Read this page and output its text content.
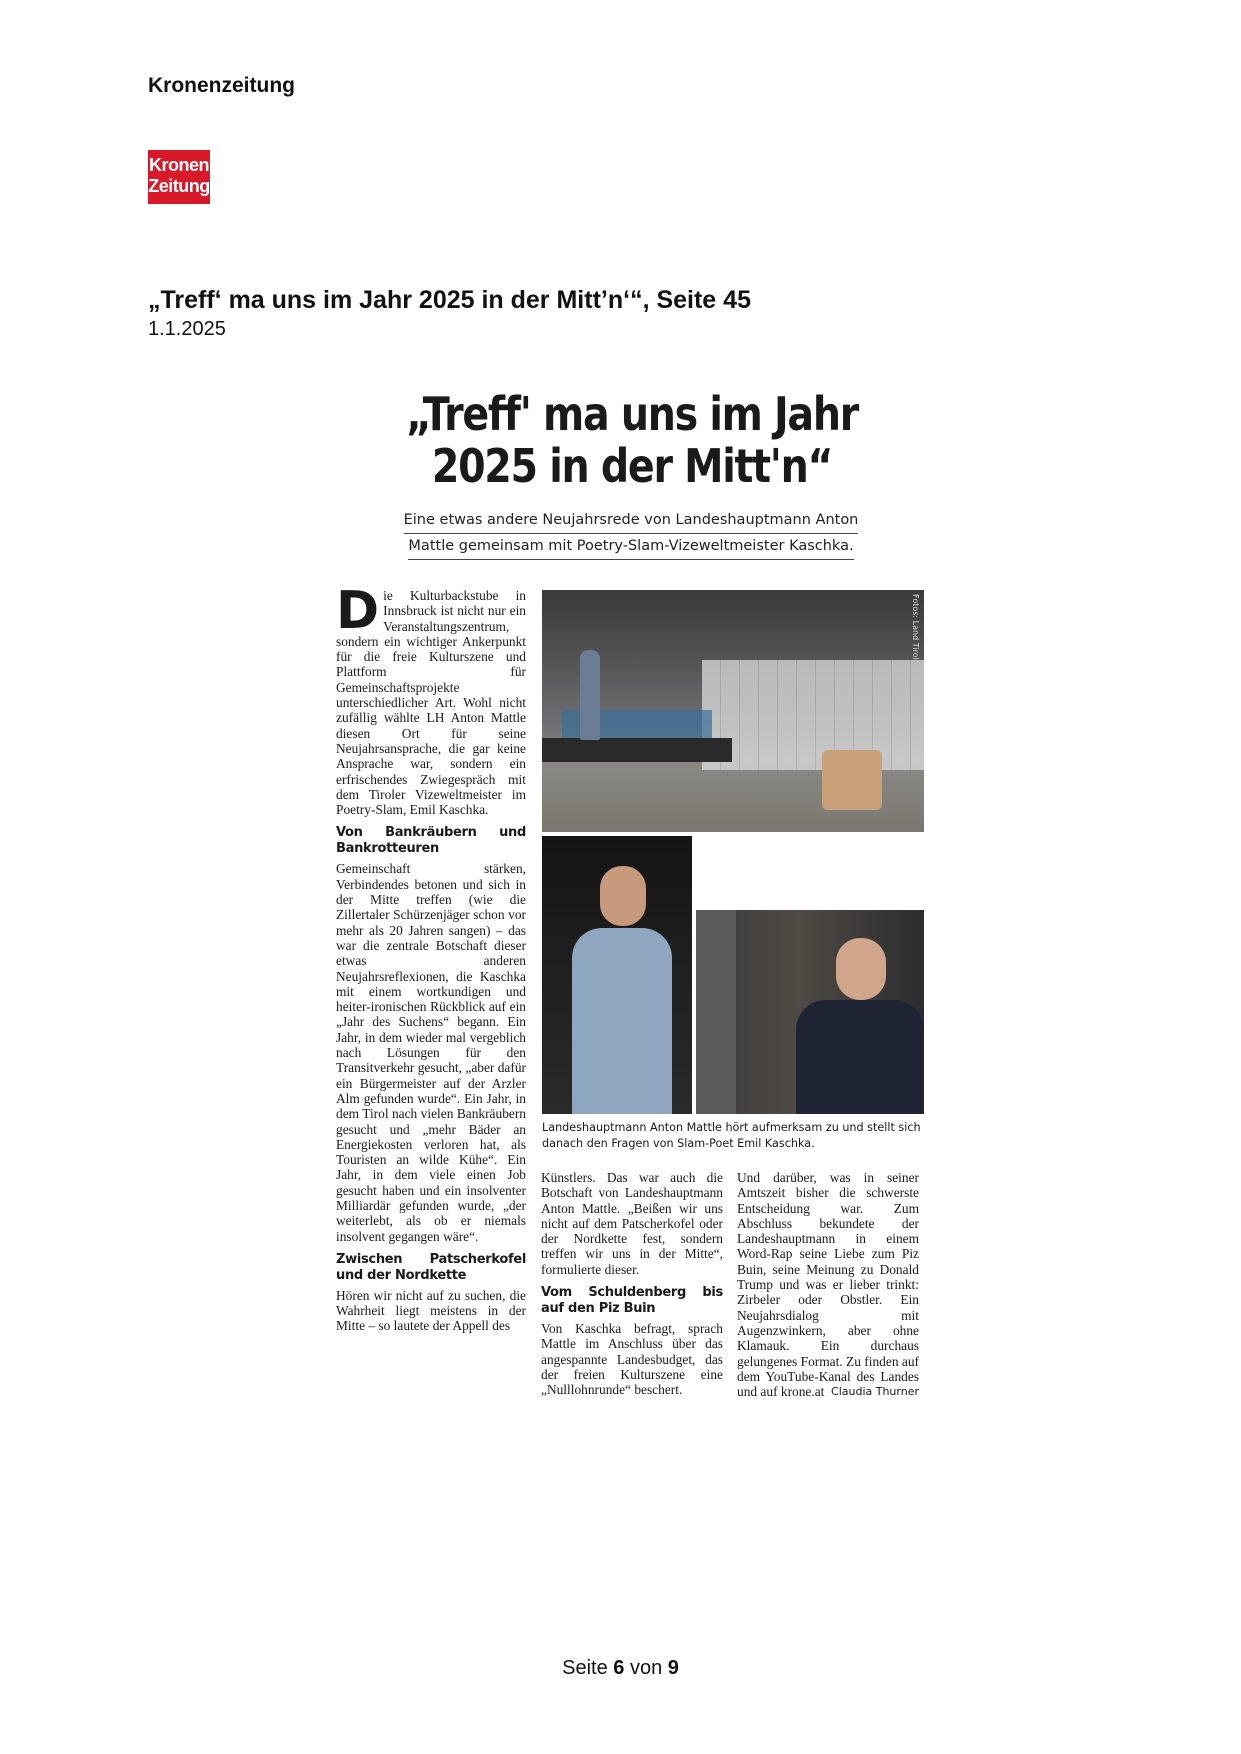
Kronenzeitung
Kronen
Zeitung
„Treff‘ ma uns im Jahr 2025 in der Mitt’n‘“, Seite 45
1.1.2025
„Treff' ma uns im Jahr
2025 in der Mitt'n“
Eine etwas andere Neujahrsrede von Landeshauptmann Anton
Mattle gemeinsam mit Poetry-Slam-Vizeweltmeister Kaschka.
D ie Kulturbackstube in Innsbruck ist nicht nur ein Veranstaltungszentrum, sondern ein wichtiger Ankerpunkt für die freie Kulturszene und Plattform für Gemeinschaftsprojekte unterschiedlicher Art. Wohl nicht zufällig wählte LH Anton Mattle diesen Ort für seine Neujahrsansprache, die gar keine Ansprache war, sondern ein erfrischendes Zwiegespräch mit dem Tiroler Vizeweltmeister im Poetry-Slam, Emil Kaschka.

Von Bankräubern und Bankrotteuren

Gemeinschaft stärken, Verbindendes betonen und sich in der Mitte treffen (wie die Zillertaler Schürzenjäger schon vor mehr als 20 Jahren sangen) – das war die zentrale Botschaft dieser etwas anderen Neujahrsreflexionen, die Kaschka mit einem wortkundigen und heiter-ironischen Rückblick auf ein „Jahr des Suchens“ begann. Ein Jahr, in dem wieder mal vergeblich nach Lösungen für den Transitverkehr gesucht, „aber dafür ein Bürgermeister auf der Arzler Alm gefunden wurde“. Ein Jahr, in dem Tirol nach vielen Bankräubern gesucht und „mehr Bäder an Energiekosten verloren hat, als Touristen an wilde Kühe“. Ein Jahr, in dem viele einen Job gesucht haben und ein insolventer Milliardär gefunden wurde, „der weiterlebt, als ob er niemals insolvent gegangen wäre“.

Zwischen Patscherkofel und der Nordkette

Hören wir nicht auf zu suchen, die Wahrheit liegt meistens in der Mitte – so lautete der Appell des

Fotos: Land Tirol
Landeshauptmann Anton Mattle hört aufmerksam zu und stellt sich danach den Fragen von Slam-Poet Emil Kaschka.

Künstlers. Das war auch die Botschaft von Landeshauptmann Anton Mattle. „Beißen wir uns nicht auf dem Patscherkofel oder der Nordkette fest, sondern treffen wir uns in der Mitte“, formulierte dieser.

Vom Schuldenberg bis auf den Piz Buin

Von Kaschka befragt, sprach Mattle im Anschluss über das angespannte Landesbudget, das der freien Kulturszene eine „Nulllohnrunde“ beschert.

Und darüber, was in seiner Amtszeit bisher die schwerste Entscheidung war. Zum Abschluss bekundete der Landeshauptmann in einem Word-Rap seine Liebe zum Piz Buin, seine Meinung zu Donald Trump und was er lieber trinkt: Zirbeler oder Obstler. Ein Neujahrsdialog mit Augenzwinkern, aber ohne Klamauk. Ein durchaus gelungenes Format. Zu finden auf dem YouTube-Kanal des Landes und auf krone.at Claudia Thurner

Seite 6 von 9
